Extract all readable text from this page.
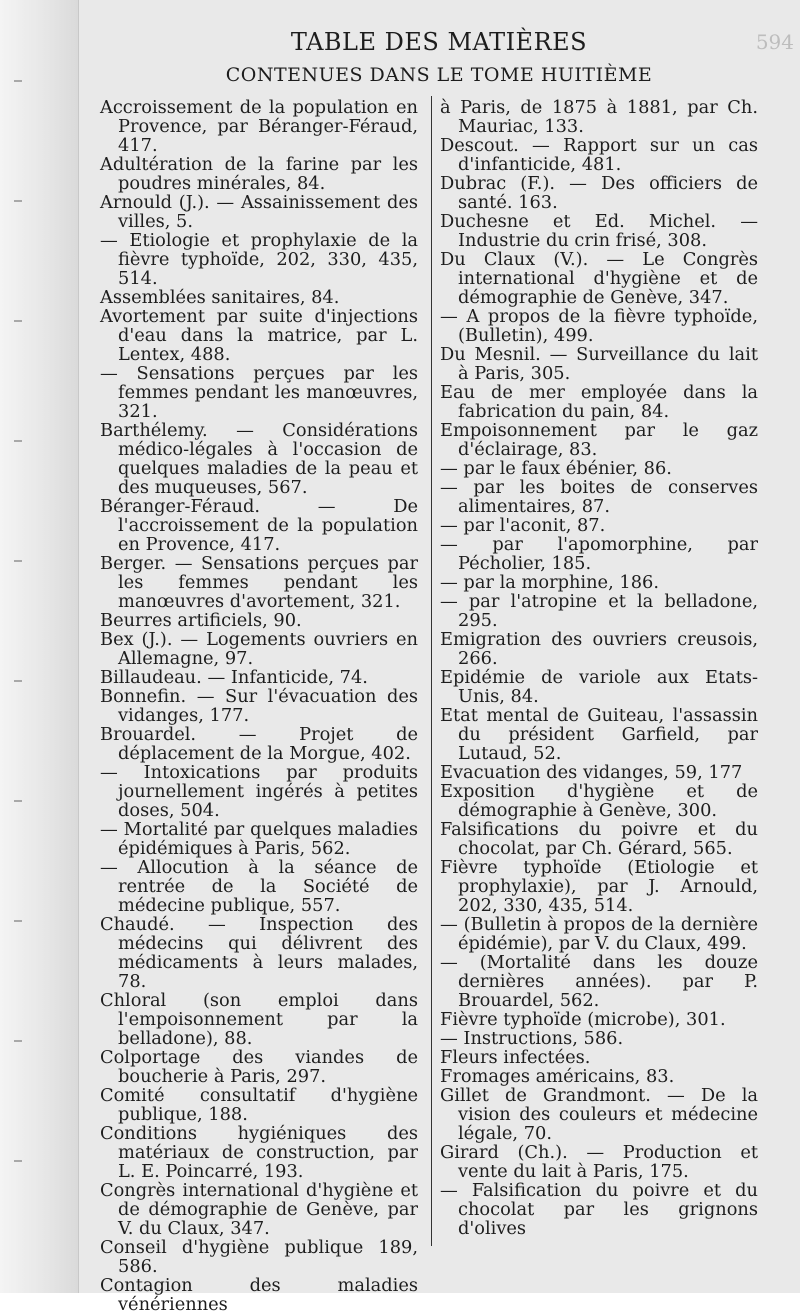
TABLE DES MATIÈRES
CONTENUES DANS LE TOME HUITIÈME
594

Accroissement de la population en Provence, par Béranger-Féraud, 417.

Adultération de la farine par les poudres minérales, 84.

Arnould (J.). — Assainissement des villes, 5.

— Etiologie et prophylaxie de la fièvre typhoïde, 202, 330, 435, 514.

Assemblées sanitaires, 84.

Avortement par suite d'injections d'eau dans la matrice, par L. Lentex, 488.

— Sensations perçues par les femmes pendant les manœuvres, 321.

Barthélemy. — Considérations médico-légales à l'occasion de quelques maladies de la peau et des muqueuses, 567.

Béranger-Féraud. — De l'accroissement de la population en Provence, 417.

Berger. — Sensations perçues par les femmes pendant les manœuvres d'avortement, 321.

Beurres artificiels, 90.

Bex (J.). — Logements ouvriers en Allemagne, 97.

Billaudeau. — Infanticide, 74.

Bonnefin. — Sur l'évacuation des vidanges, 177.

Brouardel. — Projet de déplacement de la Morgue, 402.

— Intoxications par produits journellement ingérés à petites doses, 504.

— Mortalité par quelques maladies épidémiques à Paris, 562.

— Allocution à la séance de rentrée de la Société de médecine publique, 557.

Chaudé. — Inspection des médecins qui délivrent des médicaments à leurs malades, 78.

Chloral (son emploi dans l'empoisonnement par la belladone), 88.

Colportage des viandes de boucherie à Paris, 297.

Comité consultatif d'hygiène publique, 188.

Conditions hygiéniques des matériaux de construction, par L. E. Poincarré, 193.

Congrès international d'hygiène et de démographie de Genève, par V. du Claux, 347.

Conseil d'hygiène publique 189, 586.

Contagion des maladies vénériennes

à Paris, de 1875 à 1881, par Ch. Mauriac, 133.

Descout. — Rapport sur un cas d'infanticide, 481.

Dubrac (F.). — Des officiers de santé. 163.

Duchesne et Ed. Michel. — Industrie du crin frisé, 308.

Du Claux (V.). — Le Congrès international d'hygiène et de démographie de Genève, 347.

— A propos de la fièvre typhoïde, (Bulletin), 499.

Du Mesnil. — Surveillance du lait à Paris, 305.

Eau de mer employée dans la fabrication du pain, 84.

Empoisonnement par le gaz d'éclairage, 83.

— par le faux ébénier, 86.

— par les boites de conserves alimentaires, 87.

— par l'aconit, 87.

— par l'apomorphine, par Pécholier, 185.

— par la morphine, 186.

— par l'atropine et la belladone, 295.

Emigration des ouvriers creusois, 266.

Epidémie de variole aux Etats-Unis, 84.

Etat mental de Guiteau, l'assassin du président Garfield, par Lutaud, 52.

Evacuation des vidanges, 59, 177

Exposition d'hygiène et de démographie à Genève, 300.

Falsifications du poivre et du chocolat, par Ch. Gérard, 565.

Fièvre typhoïde (Etiologie et prophylaxie), par J. Arnould, 202, 330, 435, 514.

— (Bulletin à propos de la dernière épidémie), par V. du Claux, 499.

— (Mortalité dans les douze dernières années). par P. Brouardel, 562.

Fièvre typhoïde (microbe), 301.

— Instructions, 586.

Fleurs infectées.

Fromages américains, 83.

Gillet de Grandmont. — De la vision des couleurs et médecine légale, 70.

Girard (Ch.). — Production et vente du lait à Paris, 175.

— Falsification du poivre et du chocolat par les grignons d'olives
